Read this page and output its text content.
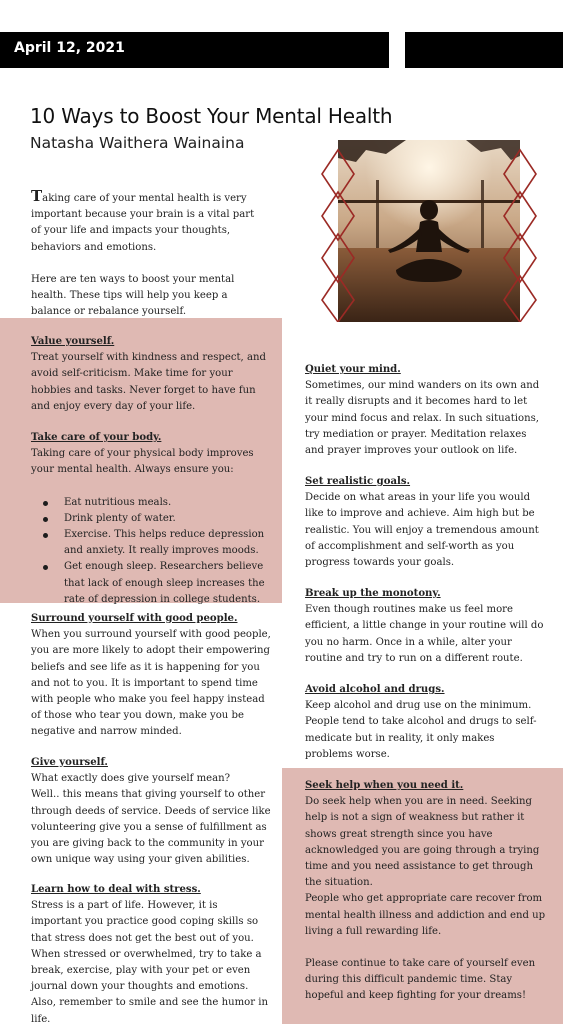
April 12, 2021
10 Ways to Boost Your Mental Health
Natasha Waithera Wainaina

Taking care of your mental health is very important because your brain is a vital part of your life and impacts your thoughts, behaviors and emotions.

Here are ten ways to boost your mental health. These tips will help you keep a balance or rebalance yourself.

Value yourself.

Treat yourself with kindness and respect, and avoid self-criticism. Make time for your hobbies and tasks. Never forget to have fun and enjoy every day of your life.

Take care of your body.

Taking care of your physical body improves your mental health. Always ensure you:

Eat nutritious meals.
Drink plenty of water.
Exercise. This helps reduce depression and anxiety. It really improves moods.
Get enough sleep. Researchers believe that lack of enough sleep increases the rate of depression in college students.

Surround yourself with good people.

When you surround yourself with good people, you are more likely to adopt their empowering beliefs and see life as it is happening for you and not to you. It is important to spend time with people who make you feel happy instead of those who tear you down, make you be negative and narrow minded.

Give yourself.

What exactly does give yourself mean?

Well.. this means that giving yourself to other through deeds of service. Deeds of service like volunteering give you a sense of fulfillment as you are giving back to the community in your own unique way using your given abilities.

Learn how to deal with stress.

Stress is a part of life. However, it is important you practice good coping skills so that stress does not get the best out of you. When stressed or overwhelmed, try to take a break, exercise, play with your pet or even journal down your thoughts and emotions. Also, remember to smile and see the humor in life.

Quiet your mind.

Sometimes, our mind wanders on its own and it really disrupts and it becomes hard to let your mind focus and relax. In such situations, try mediation or prayer. Meditation relaxes and prayer improves your outlook on life.

Set realistic goals.

Decide on what areas in your life you would like to improve and achieve. Aim high but be realistic. You will enjoy a tremendous amount of accomplishment and self-worth as you progress towards your goals.

Break up the monotony.

Even though routines make us feel more efficient, a little change in your routine will do you no harm. Once in a while, alter your routine and try to run on a different route.

Avoid alcohol and drugs.

Keep alcohol and drug use on the minimum. People tend to take alcohol and drugs to self-medicate but in reality, it only makes problems worse.

Seek help when you need it.

Do seek help when you are in need. Seeking help is not a sign of weakness but rather it shows great strength since you have acknowledged you are going through a trying time and you need assistance to get through the situation.

People who get appropriate care recover from mental health illness and addiction and end up living a full rewarding life.

Please continue to take care of yourself even during this difficult pandemic time. Stay hopeful and keep fighting for your dreams!
